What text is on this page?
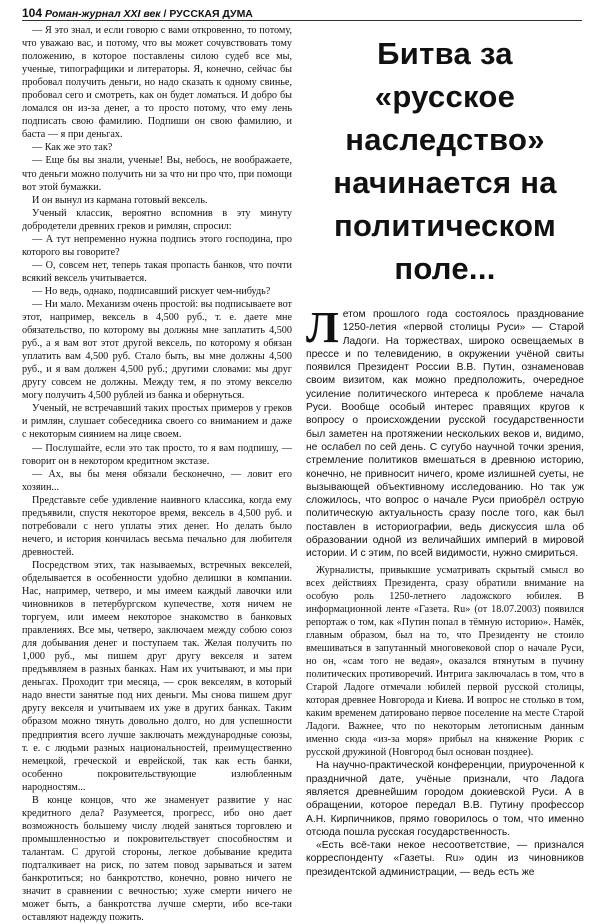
104 Роман-журнал XXI век / РУССКАЯ ДУМА

— Я это знал, и если говорю с вами откровенно, то потому, что уважаю вас, и потому, что вы может сочувствовать тому положению, в которое поставлены силою судеб все мы, ученые, типографщики и литераторы. Я, конечно, сейчас бы пробовал получить деньги, но надо сказать к одному свинье, пробовал сего и смотреть, как он будет ломаться. И добро бы ломался он из-за денег, а то просто потому, что ему лень подписать свою фамилию. Подпиши он свою фамилию, и баста — я при деньгах.

— Как же это так?

— Еще бы вы знали, ученые! Вы, небось, не воображаете, что деньги можно получить ни за что ни про что, при помощи вот этой бумажки.

И он вынул из кармана готовый вексель.

Ученый классик, вероятно вспомнив в эту минуту добродетели древних греков и римлян, спросил:

— А тут непременно нужна подпись этого господина, про которого вы говорите?

— О, совсем нет, теперь такая пропасть банков, что почти всякий вексель учитывается.

— Но ведь, однако, подписавший рискует чем-нибудь?

— Ни мало. Механизм очень простой: вы подписываете вот этот, например, вексель в 4,500 руб., т. е. даете мне обязательство, по которому вы должны мне заплатить 4,500 руб., а я вам вот этот другой вексель, по которому я обязан уплатить вам 4,500 руб. Стало быть, вы мне должны 4,500 руб., и я вам должен 4,500 руб.; другими словами: мы друг другу совсем не должны. Между тем, я по этому векселю могу получить 4,500 рублей из банка и обернуться.

Ученый, не встречавший таких простых примеров у греков и римлян, слушает собеседника своего со вниманием и даже с некоторым сиянием на лице своем.

— Послушайте, если это так просто, то я вам подпишу, — говорит он в некотором кредитном экстазе.

— Ах, вы бы меня обязали бесконечно, — ловит его хозяин...

Представьте себе удивление наивного классика, когда ему предъявили, спустя некоторое время, вексель в 4,500 руб. и потребовали с него уплаты этих денег. Но делать было нечего, и история кончилась весьма печально для любителя древностей.

Посредством этих, так называемых, встречных векселей, обделывается в особенности удобно делишки в компании. Нас, например, четверо, и мы имеем каждый лавочки или чиновников в петербургском купечестве, хотя ничем не торгуем, или имеем некоторое знакомство в банковых правлениях. Все мы, четверо, заключаем между собою союз для добывания денег и поступаем так. Желая получить по 1,000 руб., мы пишем друг другу векселя и затем предъявляем в разных банках. Нам их учитывают, и мы при деньгах. Проходит три месяца, — срок векселям, в который надо внести занятые под них деньги. Мы снова пишем друг другу векселя и учитываем их уже в других банках. Таким образом можно тянуть довольно долго, но для успешности предприятия всего лучше заключать международные союзы, т. е. с людьми разных национальностей, преимущественно немецкой, греческой и еврейской, так как есть банки, особенно покровительствующие излюбленным народностям...

В конце концов, что же знаменует развитие у нас кредитного дела? Разумеется, прогресс, ибо оно дает возможность большему числу людей заняться торговлею и промышленностью и покровительствует способностям и талантам. С другой стороны, легкое добывание кредита подталкивает на риск, по затем повод зарываться и затем банкротиться; но банкротство, конечно, ровно ничего не значит в сравнении с вечностью; хуже смерти ничего не может быть, а банкротства лучше смерти, ибо все-таки оставляют надежду пожить.

Битва за «русское наследство» начинается на политическом поле...

Летом прошлого года состоялось празднование 1250-летия «первой столицы Руси» — Старой Ладоги. На торжествах, широко освещаемых в прессе и по телевидению, в окружении учёной свиты появился Президент России В.В. Путин, ознаменовав своим визитом, как можно предположить, очередное усиление политического интереса к проблеме начала Руси. Вообще особый интерес правящих кругов к вопросу о происхождении русской государственности был заметен на протяжении нескольких веков и, видимо, не ослабел по сей день. С сугубо научной точки зрения, стремление политиков вмешаться в древнюю историю, конечно, не привносит ничего, кроме излишней суеты, не вызывающей объективному исследованию. Но так уж сложилось, что вопрос о начале Руси приобрёл острую политическую актуальность сразу после того, как был поставлен в историографии, ведь дискуссия шла об образовании одной из величайших империй в мировой истории. И с этим, по всей видимости, нужно смириться.

Журналисты, привыкшие усматривать скрытый смысл во всех действиях Президента, сразу обратили внимание на особую роль 1250-летнего ладожского юбилея. В информационной ленте «Газета. Ru» (от 18.07.2003) появился репортаж о том, как «Путин попал в тёмную историю». Намёк, главным образом, был на то, что Президенту не стоило вмешиваться в запутанный многовековой спор о начале Руси, но он, «сам того не ведая», оказался втянутым в пучину политических противоречий. Интрига заключалась в том, что в Старой Ладоге отмечали юбилей первой русской столицы, которая древнее Новгорода и Киева. И вопрос не столько в том, каким временем датировано первое поселение на месте Старой Ладоги. Важнее, что по некоторым летописным данным именно сюда «из-за моря» прибыл на княжение Рюрик с русской дружиной (Новгород был основан позднее).

На научно-практической конференции, приуроченной к праздничной дате, учёные признали, что Ладога является древнейшим городом докиевской Руси. А в обращении, которое передал В.В. Путину профессор А.Н. Кирпичников, прямо говорилось о том, что именно отсюда пошла русская государственность.

«Есть всё-таки некое несоответствие, — признался корреспонденту «Газеты. Ru» один из чиновников президентской администрации, — ведь есть же
